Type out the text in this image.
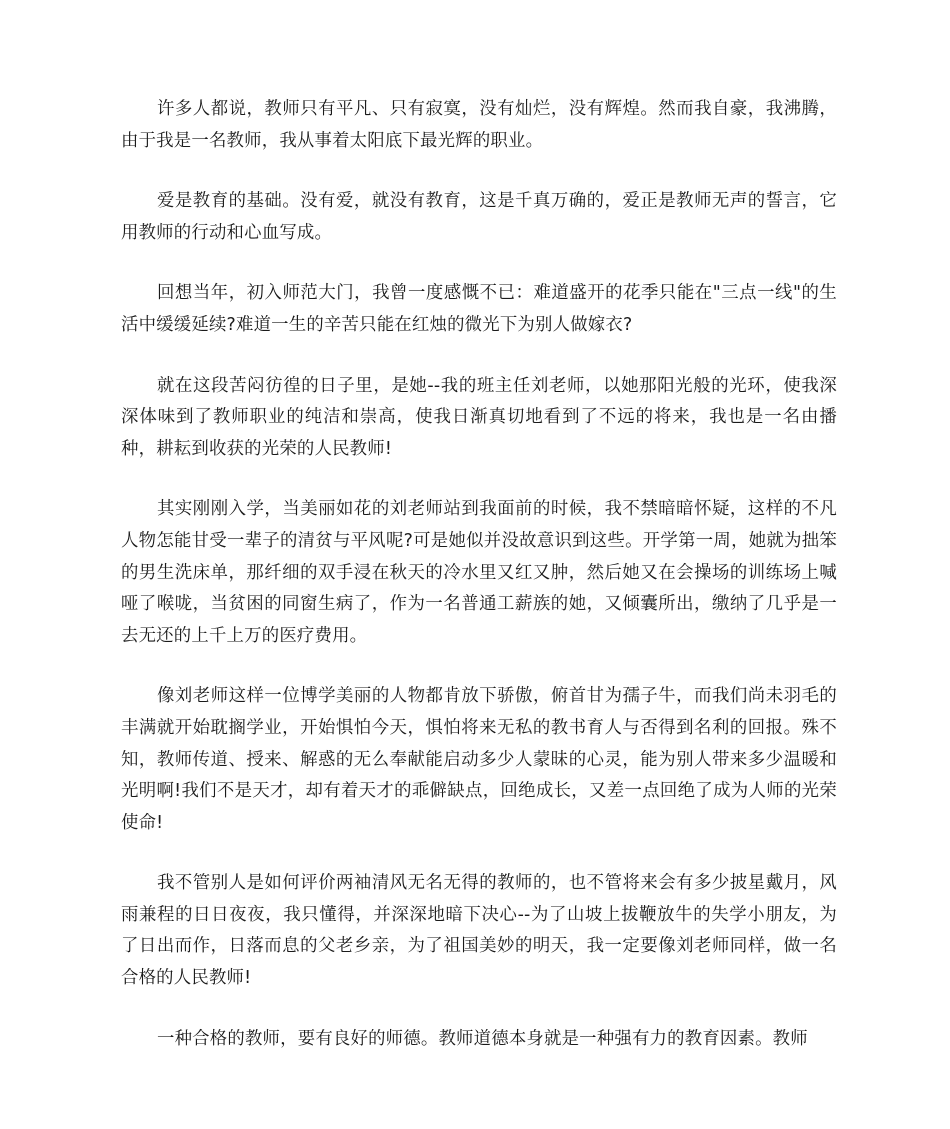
许多人都说，教师只有平凡、只有寂寞，没有灿烂，没有辉煌。然而我自豪，我沸腾，由于我是一名教师，我从事着太阳底下最光辉的职业。

爱是教育的基础。没有爱，就没有教育，这是千真万确的，爱正是教师无声的誓言，它用教师的行动和心血写成。

回想当年，初入师范大门，我曾一度感慨不已：难道盛开的花季只能在"三点一线"的生活中缓缓延续?难道一生的辛苦只能在红烛的微光下为别人做嫁衣?

就在这段苦闷彷徨的日子里，是她--我的班主任刘老师，以她那阳光般的光环，使我深深体味到了教师职业的纯洁和崇高，使我日渐真切地看到了不远的将来，我也是一名由播种，耕耘到收获的光荣的人民教师!

其实刚刚入学，当美丽如花的刘老师站到我面前的时候，我不禁暗暗怀疑，这样的不凡人物怎能甘受一辈子的清贫与平风呢?可是她似并没故意识到这些。开学第一周，她就为拙笨的男生洗床单，那纤细的双手浸在秋天的冷水里又红又肿，然后她又在会操场的训练场上喊哑了喉咙，当贫困的同窗生病了，作为一名普通工薪族的她，又倾囊所出，缴纳了几乎是一去无还的上千上万的医疗费用。

像刘老师这样一位博学美丽的人物都肯放下骄傲，俯首甘为孺子牛，而我们尚未羽毛的丰满就开始耽搁学业，开始惧怕今天，惧怕将来无私的教书育人与否得到名利的回报。殊不知，教师传道、授来、解惑的无么奉献能启动多少人蒙昧的心灵，能为别人带来多少温暖和光明啊!我们不是天才，却有着天才的乖僻缺点，回绝成长，又差一点回绝了成为人师的光荣使命!

我不管别人是如何评价两袖清风无名无得的教师的，也不管将来会有多少披星戴月，风雨兼程的日日夜夜，我只懂得，并深深地暗下决心--为了山坡上拔鞭放牛的失学小朋友，为了日出而作，日落而息的父老乡亲，为了祖国美妙的明天，我一定要像刘老师同样，做一名合格的人民教师!

一种合格的教师，要有良好的师德。教师道德本身就是一种强有力的教育因素。教师
